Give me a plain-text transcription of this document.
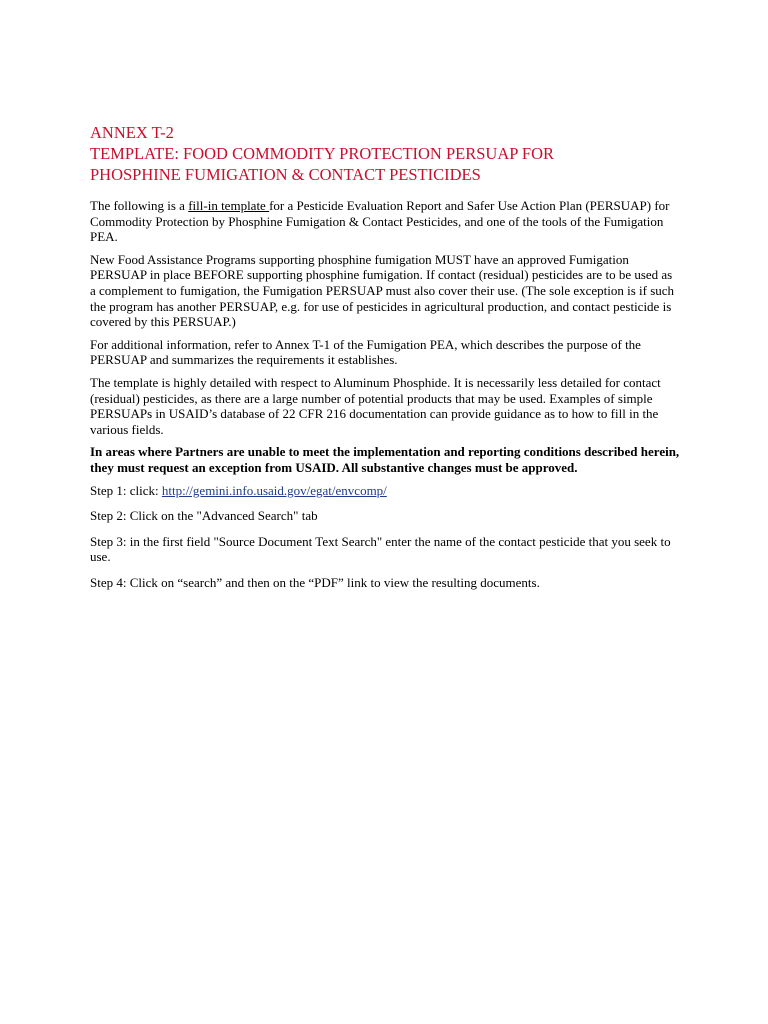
ANNEX T-2
TEMPLATE: FOOD COMMODITY PROTECTION PERSUAP FOR
PHOSPHINE FUMIGATION & CONTACT PESTICIDES

The following is a fill-in template for a Pesticide Evaluation Report and Safer Use Action Plan (PERSUAP) for Commodity Protection by Phosphine Fumigation & Contact Pesticides, and one of the tools of the Fumigation PEA.

New Food Assistance Programs supporting phosphine fumigation MUST have an approved Fumigation PERSUAP in place BEFORE supporting phosphine fumigation. If contact (residual) pesticides are to be used as a complement to fumigation, the Fumigation PERSUAP must also cover their use. (The sole exception is if such the program has another PERSUAP, e.g. for use of pesticides in agricultural production, and contact pesticide is covered by this PERSUAP.)

For additional information, refer to Annex T-1 of the Fumigation PEA, which describes the purpose of the PERSUAP and summarizes the requirements it establishes.

The template is highly detailed with respect to Aluminum Phosphide. It is necessarily less detailed for contact (residual) pesticides, as there are a large number of potential products that may be used. Examples of simple PERSUAPs in USAID’s database of 22 CFR 216 documentation can provide guidance as to how to fill in the various fields.

In areas where Partners are unable to meet the implementation and reporting conditions described herein, they must request an exception from USAID. All substantive changes must be approved.

Step 1: click: http://gemini.info.usaid.gov/egat/envcomp/

Step 2: Click on the "Advanced Search" tab

Step 3: in the first field "Source Document Text Search" enter the name of the contact pesticide that you seek to use.

Step 4: Click on “search” and then on the “PDF” link to view the resulting documents.
